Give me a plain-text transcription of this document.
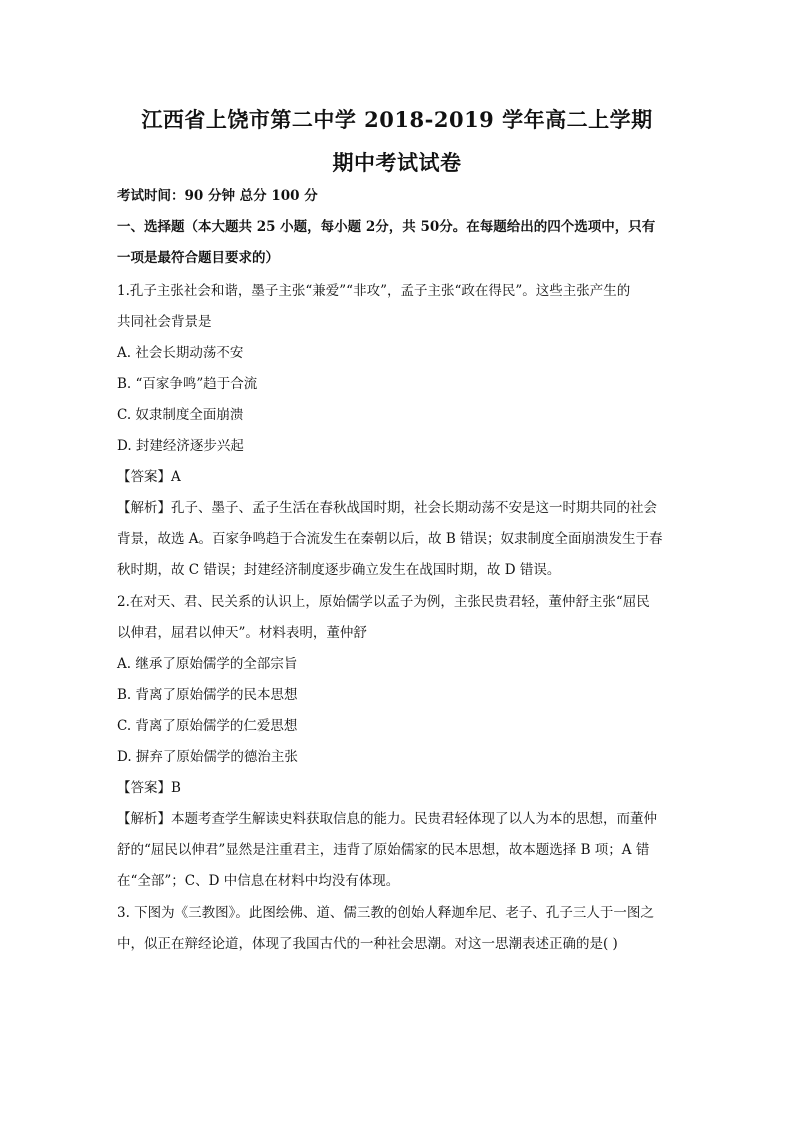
江西省上饶市第二中学 2018-2019 学年高二上学期
期中考试试卷
考试时间：90 分钟 总分 100 分
一、选择题（本大题共 25 小题，每小题 2分，共 50分。在每题给出的四个选项中，只有
一项是最符合题目要求的）
1.孔子主张社会和谐，墨子主张“兼爱”“非攻”，孟子主张“政在得民”。这些主张产生的
共同社会背景是
A. 社会长期动荡不安
B. “百家争鸣”趋于合流
C. 奴隶制度全面崩溃
D. 封建经济逐步兴起
【答案】A
【解析】孔子、墨子、孟子生活在春秋战国时期，社会长期动荡不安是这一时期共同的社会
背景，故选 A。百家争鸣趋于合流发生在秦朝以后，故 B 错误；奴隶制度全面崩溃发生于春
秋时期，故 C 错误；封建经济制度逐步确立发生在战国时期，故 D 错误。
2.在对天、君、民关系的认识上，原始儒学以孟子为例，主张民贵君轻，董仲舒主张“屈民
以伸君，屈君以伸天”。材料表明，董仲舒
A. 继承了原始儒学的全部宗旨
B. 背离了原始儒学的民本思想
C. 背离了原始儒学的仁爱思想
D. 摒弃了原始儒学的德治主张
【答案】B
【解析】本题考查学生解读史料获取信息的能力。民贵君轻体现了以人为本的思想，而董仲
舒的“屈民以伸君”显然是注重君主，违背了原始儒家的民本思想，故本题选择 B 项；A 错
在“全部”；C、D 中信息在材料中均没有体现。
3. 下图为《三教图》。此图绘佛、道、儒三教的创始人释迦牟尼、老子、孔子三人于一图之
中，似正在辩经论道，体现了我国古代的一种社会思潮。对这一思潮表述正确的是( )
